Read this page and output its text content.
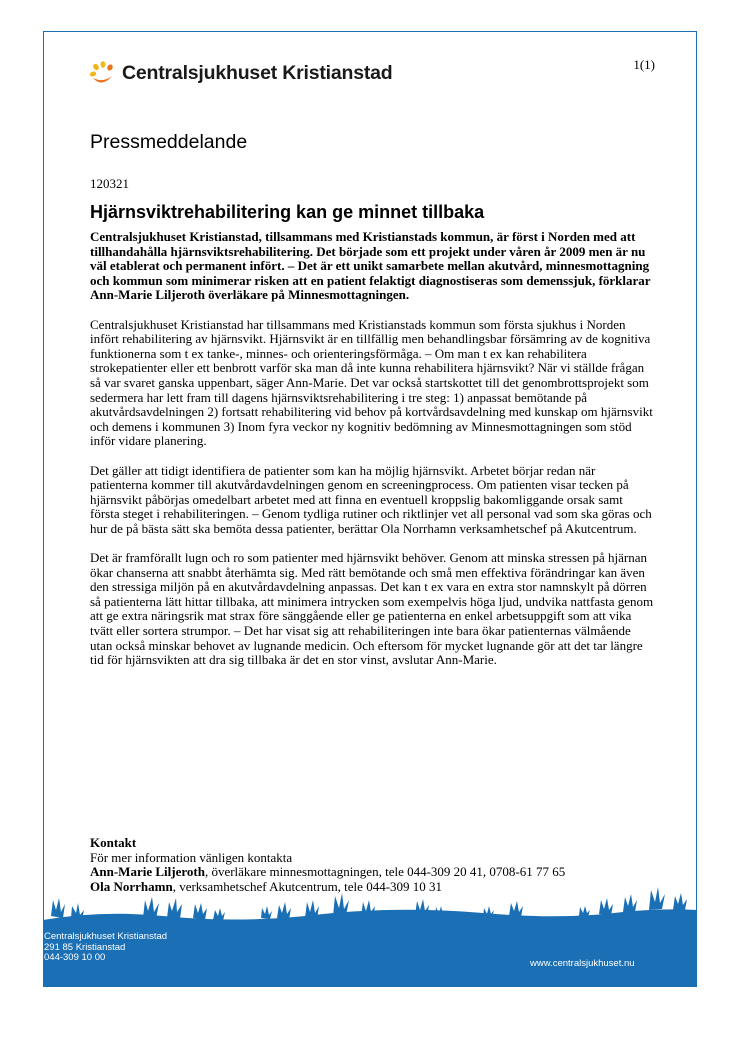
Centralsjukhuset Kristianstad	1(1)
Pressmeddelande
120321
Hjärnsviktrehabilitering kan ge minnet tillbaka

Centralsjukhuset Kristianstad, tillsammans med Kristianstads kommun, är först i Norden med att tillhandahålla hjärnsviktsrehabilitering. Det började som ett projekt under våren år 2009 men är nu väl etablerat och permanent infört. – Det är ett unikt samarbete mellan akutvård, minnesmottagning och kommun som minimerar risken att en patient felaktigt diagnostiseras som demenssjuk, förklarar Ann-Marie Liljeroth överläkare på Minnesmottagningen.

Centralsjukhuset Kristianstad har tillsammans med Kristianstads kommun som första sjukhus i Norden infört rehabilitering av hjärnsvikt. Hjärnsvikt är en tillfällig men behandlingsbar försämring av de kognitiva funktionerna som t ex tanke-, minnes- och orienteringsförmåga. – Om man t ex kan rehabilitera strokepatienter eller ett benbrott varför ska man då inte kunna rehabilitera hjärnsvikt? När vi ställde frågan så var svaret ganska uppenbart, säger Ann-Marie. Det var också startskottet till det genombrottsprojekt som sedermera har lett fram till dagens hjärnsviktsrehabilitering i tre steg: 1) anpassat bemötande på akutvårdsavdelningen 2) fortsatt rehabilitering vid behov på kortvårdsavdelning med kunskap om hjärnsvikt och demens i kommunen 3) Inom fyra veckor ny kognitiv bedömning av Minnesmottagningen som stöd inför vidare planering.

Det gäller att tidigt identifiera de patienter som kan ha möjlig hjärnsvikt. Arbetet börjar redan när patienterna kommer till akutvårdavdelningen genom en screeningprocess. Om patienten visar tecken på hjärnsvikt påbörjas omedelbart arbetet med att finna en eventuell kroppslig bakomliggande orsak samt första steget i rehabiliteringen. – Genom tydliga rutiner och riktlinjer vet all personal vad som ska göras och hur de på bästa sätt ska bemöta dessa patienter, berättar Ola Norrhamn verksamhetschef på Akutcentrum.

Det är framförallt lugn och ro som patienter med hjärnsvikt behöver. Genom att minska stressen på hjärnan ökar chanserna att snabbt återhämta sig. Med rätt bemötande och små men effektiva förändringar kan även den stressiga miljön på en akutvårdavdelning anpassas. Det kan t ex vara en extra stor namnskylt på dörren så patienterna lätt hittar tillbaka, att minimera intrycken som exempelvis höga ljud, undvika nattfasta genom att ge extra näringsrik mat strax före sänggående eller ge patienterna en enkel arbetsuppgift som att vika tvätt eller sortera strumpor. – Det har visat sig att rehabiliteringen inte bara ökar patienternas välmående utan också minskar behovet av lugnande medicin. Och eftersom för mycket lugnande gör att det tar längre tid för hjärnsvikten att dra sig tillbaka är det en stor vinst, avslutar Ann-Marie.

Kontakt
För mer information vänligen kontakta
Ann-Marie Liljeroth, överläkare minnesmottagningen, tele 044-309 20 41, 0708-61 77 65
Ola Norrhamn, verksamhetschef Akutcentrum, tele 044-309 10 31
Centralsjukhuset Kristianstad
291 85 Kristianstad
044-309 10 00
www.centralsjukhuset.nu
